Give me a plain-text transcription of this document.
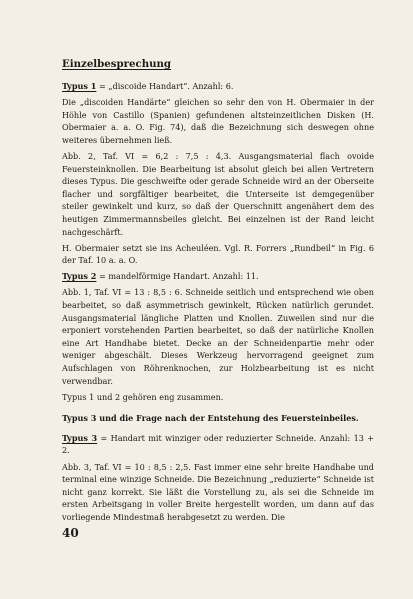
Einzelbesprechung

Typus 1 = „discoide Handart“. Anzahl: 6.

Die „discoiden Handärte“ gleichen so sehr den von H. Obermaier in der Höhle von Castillo (Spanien) gefundenen altsteinzeitlichen Disken (H. Obermaier a. a. O. Fig. 74), daß die Bezeichnung sich deswegen ohne weiteres übernehmen ließ.

Abb. 2, Taf. VI = 6,2 : 7,5 : 4,3. Ausgangsmaterial flach ovoide Feuersteinknollen. Die Bearbeitung ist absolut gleich bei allen Vertretern dieses Typus. Die geschweifte oder gerade Schneide wird an der Oberseite flacher und sorgfältiger bearbeitet, die Unterseite ist demgegenüber steiler gewinkelt und kurz, so daß der Querschnitt angenähert dem des heutigen Zimmermannsbeiles gleicht. Bei einzelnen ist der Rand leicht nachgeschärft.

H. Obermaier setzt sie ins Acheuléen. Vgl. R. Forrers „Rundbeil“ in Fig. 6 der Taf. 10 a. a. O.

Typus 2 = mandelförmige Handart. Anzahl: 11.

Abb. 1, Taf. VI = 13 : 8,5 : 6. Schneide seitlich und entsprechend wie oben bearbeitet, so daß asymmetrisch gewinkelt, Rücken natürlich gerundet. Ausgangsmaterial längliche Platten und Knollen. Zuweilen sind nur die erponiert vorstehenden Partien bearbeitet, so daß der natürliche Knollen eine Art Handhabe bietet. Decke an der Schneidenpartie mehr oder weniger abgeschält. Dieses Werkzeug hervorragend geeignet zum Aufschlagen von Röhrenknochen, zur Holzbearbeitung ist es nicht verwendbar.

Typus 1 und 2 gehören eng zusammen.

Typus 3 und die Frage nach der Entstehung des Feuersteinbeiles.

Typus 3 = Handart mit winziger oder reduzierter Schneide. Anzahl: 13 + 2.

Abb. 3, Taf. VI = 10 : 8,5 : 2,5. Fast immer eine sehr breite Handhabe und terminal eine winzige Schneide. Die Bezeichnung „reduzierte“ Schneide ist nicht ganz korrekt. Sie läßt die Vorstellung zu, als sei die Schneide im ersten Arbeitsgang in voller Breite hergestellt worden, um dann auf das vorliegende Mindestmaß herabgesetzt zu werden. Die

40
